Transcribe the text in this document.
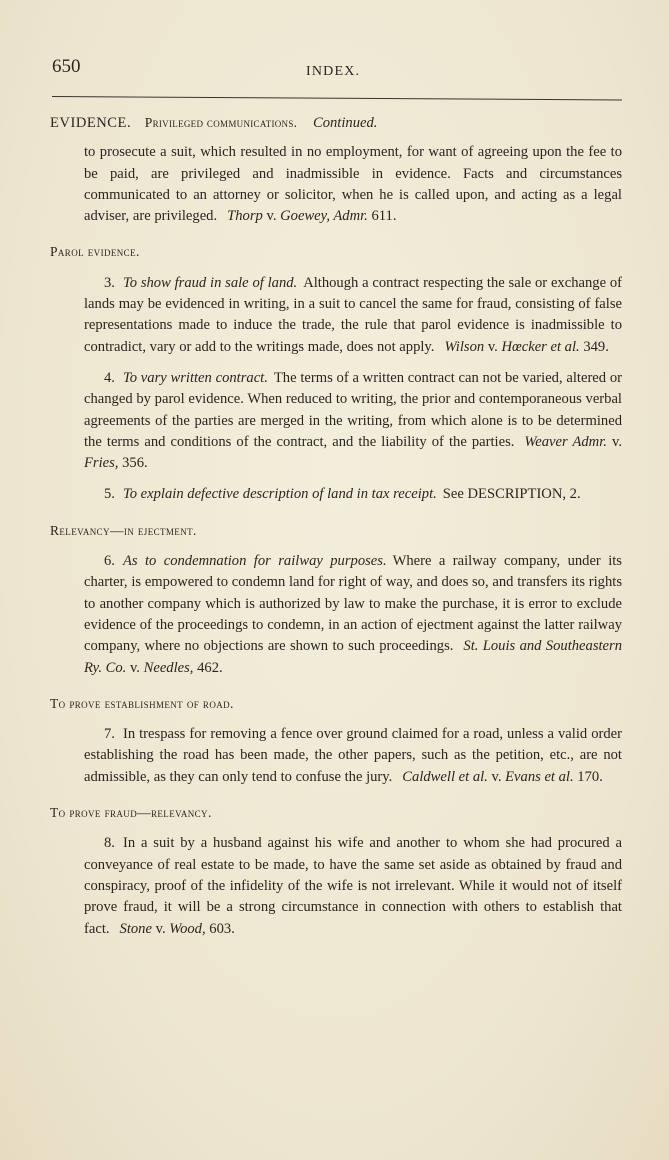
650	INDEX.
EVIDENCE. Privileged communications. Continued.
to prosecute a suit, which resulted in no employment, for want of agreeing upon the fee to be paid, are privileged and inadmissible in evidence. Facts and circumstances communicated to an attorney or solicitor, when he is called upon, and acting as a legal adviser, are privileged. Thorp v. Goewey, Admr. 611.
Parol evidence.
3. To show fraud in sale of land. Although a contract respecting the sale or exchange of lands may be evidenced in writing, in a suit to cancel the same for fraud, consisting of false representations made to induce the trade, the rule that parol evidence is inadmissible to contradict, vary or add to the writings made, does not apply. Wilson v. Hœcker et al. 349.
4. To vary written contract. The terms of a written contract can not be varied, altered or changed by parol evidence. When reduced to writing, the prior and contemporaneous verbal agreements of the parties are merged in the writing, from which alone is to be determined the terms and conditions of the contract, and the liability of the parties. Weaver Admr. v. Fries, 356.
5. To explain defective description of land in tax receipt. See DESCRIPTION, 2.
Relevancy—in ejectment.
6. As to condemnation for railway purposes. Where a railway company, under its charter, is empowered to condemn land for right of way, and does so, and transfers its rights to another company which is authorized by law to make the purchase, it is error to exclude evidence of the proceedings to condemn, in an action of ejectment against the latter railway company, where no objections are shown to such proceedings. St. Louis and Southeastern Ry. Co. v. Needles, 462.
To prove establishment of road.
7. In trespass for removing a fence over ground claimed for a road, unless a valid order establishing the road has been made, the other papers, such as the petition, etc., are not admissible, as they can only tend to confuse the jury. Caldwell et al. v. Evans et al. 170.
To prove fraud—relevancy.
8. In a suit by a husband against his wife and another to whom she had procured a conveyance of real estate to be made, to have the same set aside as obtained by fraud and conspiracy, proof of the infidelity of the wife is not irrelevant. While it would not of itself prove fraud, it will be a strong circumstance in connection with others to establish that fact. Stone v. Wood, 603.
